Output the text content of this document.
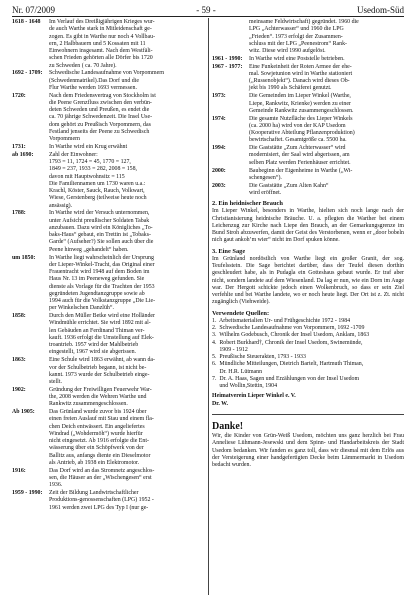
Nr. 07/2009	- 59 -	Usedom-Süd
1618 - 1648	Im Verlauf des Dreißigjährigen Krieges wur-
de auch Warthe stark in Mitleidenschaft ge-
zogen. Es gibt in Warthe nur noch 4 Vollbau-
ern, 2 Halbbauern und 5 Kossaten mit 11
Einwohnern insgesamt. Nach dem Westfäli-
schen Frieden gehörten alle Dörfer bis 1720
zu Schweden ( ca. 70 Jahre).
1692 - 1709:	Schwedische Landesaufnahme von Vorpommern
(Schwedenmatrikel).Das Dorf und die
Flur Warthe werden 1693 vermessen.
1720:	Nach dem Friedensvertrag von Stockholm ist
die Peene Grenzfluss zwischen den verbün-
deten Schweden und Preußen, es endet die
ca. 70 jährige Schwedenzeit. Die Insel Use-
dom gehört zu Preußisch Vorpommern, das
Festland jenseits der Peene zu Schwedisch
Vorpommern
1731:	In Warthe wird ein Krug erwähnt
ab 1690:	Zahl der Einwohner:
1793 = 11, 1724 = 45, 1770 = 127,
1849 = 237, 1933 = 282, 2008 = 158,
davon mit Hauptwohnsitz = 115
Die Familiennamen um 1730 waren u.a.:
Krachl, Köster, Sauck, Rauch, Volkwart,
Wiese, Gerstenberg (teilweise heute noch
ansässig).
1788:	In Warthe wird der Versuch unternommen,
unter Aufsicht preußischer Soldaten Tabak
anzubauen. Dazu wird ein Königliches „To-
baks-Haus“ gebaut, ein Trettin ist „Tobaks-
Garde“ (Aufseher?) Sie sollen auch über die
Peene hinweg „gehandelt“ haben.
um 1850:	In Warthe liegt wahrscheinlich der Ursprung
der Lieper-Winkel-Tracht, das Original einer
Frauentracht wird 1948 auf dem Boden im
Haus Nr. 13 im Peeneweg gefunden. Sie
dienste als Vorlage für die Trachten der 1953
gegründeten Jugendtanzgruppe sowie ab
1994 auch für die Volkstanzgruppe „Die Lie-
per Winkelschen Danzlüh“.
1858:	Durch den Müller Betke wird eine Holländer
Windmühle errichtet. Sie wird 1892 mit al-
len Gebäuden an Ferdinand Thiman ver-
kauft. 1936 erfolgt die Umstellung auf Elek-
troantrieb. 1957 wird der Mahlbetrieb
eingestellt, 1967 wird sie abgerissen.
1863:	Eine Schule wird 1863 erwähnt, ab wann da-
vor der Schulbetrieb begann, ist nicht be-
kannt. 1973 wurde der Schulbetrieb einge-
stellt.
1902:	Gründung der Freiwilligen Feuerwehr War-
the, 2008 werden die Wehren Warthe und
Rankwitz zusammengeschlossen.
Ab 1905:	Das Grünland wurde zuvor bis 1924 über
einen freien Auslauf mit Stau und einem fla-
chen Deich entwässert. Ein angeliefertes
Windrad („Wohdermöh“) wurde hierfür
nicht eingesetzt. Ab 1916 erfolgte die Ent-
wässerung über ein Schöpfwerk von der
Ballitz aus, anfangs diente ein Dieselmotor
als Antrieb, ab 1938 ein Elektromotor.
1916:	Das Dorf wird an das Stromnetz angeschlos-
sen, die Häuser an der „Wischengesen“ erst
1936.
1959 - 1990:	Zeit der Bildung Landwirtschaftlicher
Produktions-genossenschaften (LPG) 1952 -
1961 werden zwei LPG des Typ I (nur ge-
meinsame Feldwirtschaft) gegründet. 1960 die
LPG „Achterwasser“ und 1960 die LPG
„Frieden“. 1973 erfolgt der Zusammen-
schluss mit der LPG „Peenestrom“ Rank-
witz. Diese wird 1990 aufgelöst.
1961 - 1990:	In Warthe wird eine Poststelle betrieben.
1967 - 1977:	Eine Funkeinheit der Roten Armee der ehe-
mal. Sowjetunion wird in Warthe stationiert
(„Russenobjekt“). Danach wird dieses Ob-
jekt bis 1990 als Schäferei genutzt.
1973:	Die Gemeinden im Lieper Winkel (Warthe,
Liepe, Rankwitz, Krienke) werden zu einer
Gemeinde Rankwitz zusammengeschlossen.
1974:	Die gesamte Nutzfläche des Lieper Winkels
(ca. 2000 ha) wird von der KAP Usedom
(Kooperative Abteilung Pflanzenproduktion)
bewirtschaftet. Gesamtgröße ca. 5500 ha.
1994:	Die Gaststätte „Zum Achterwasser“ wird
modernisiert, der Saal wird abgerissen, am
selben Platz werden Ferienhäuser errichtet.
2000:	Baubeginn der Eigenheime in Warthe („Wi-
schengesen“).
2003:	Die Gaststätte „Zum Alten Kahn“
wird eröffnet.
2. Ein heidnischer Brauch
Im Lieper Winkel, besonders in Warthe, hielten sich noch lange nach der Christianisierung heidnische Bräuche. U. a. pflegten die Warther bei einem Leichenzug zur Kirche nach Liepe den Brauch, an der Gemarkungsgrenze im Bund Stroh abzuwerfen, damit der Geist des Verstorbenen, wenn er „door bobeln nich gaut ankoh’m wier“ nicht im Dorf spuken könne.
3. Eine Sage
Im Grünland nordöstlich von Warthe liegt ein großer Granit, der sog. Teufelsstein. Die Sage berichtet darüber, dass der Teufel diesen dorthin geschleudert habe, als in Pudagla ein Gotteshaus gebaut wurde. Er traf aber nicht, sondern landete auf dem Wiesenland. Da lag er nun, wie ein Dorn im Auge war. Der Hergott schickte jedoch einen Wolkenbruch, so dass er sein Ziel verfehlte und bei Warthe landete, wo er noch heute liegt. Der Ort ist z. Zt. nicht zugänglich (Viehweide).
Verwendete Quellen:
1.  Arbeitsmaterialien Ur- und Frühgeschichte 1972 - 1984
2.  Schwedische Landesaufnahme von Vorpommern, 1692 -1709
3.  Wilhelm Godebusch, Chronik der Insel Usedom, Anklam, 1863
4.  Robert Burkhard†, Chronik der Insel Usedom, Swinemünde,
1909 - 1912
5.  Preußische Steuerakten, 1793 - 1933
6.  Mündliche Mitteilungen, Dietrich Bartelt, Hartmuth Thiman,
Dr. H.R. Lütmann
7.  Dr. A. Haas, Sagen und Erzählungen von der Insel Usedom
und Wollin,Stettin, 1904
Heimatverein Lieper Winkel e. V.
Dr. W.
Danke!
Wir, die Kinder von Grün-Weiß Usedom, möchten uns ganz herzlich bei Frau Anneliese Lühmann-Jesewski und dem Spinn- und Handarbeitskreis der Stadt Usedom bedanken. Wir fanden es ganz toll, dass wir diesmal mit dem Erlös aus der Versteigerung einer handgefertigten Decke beim Lämmermarkt in Usedom bedacht wurden.
